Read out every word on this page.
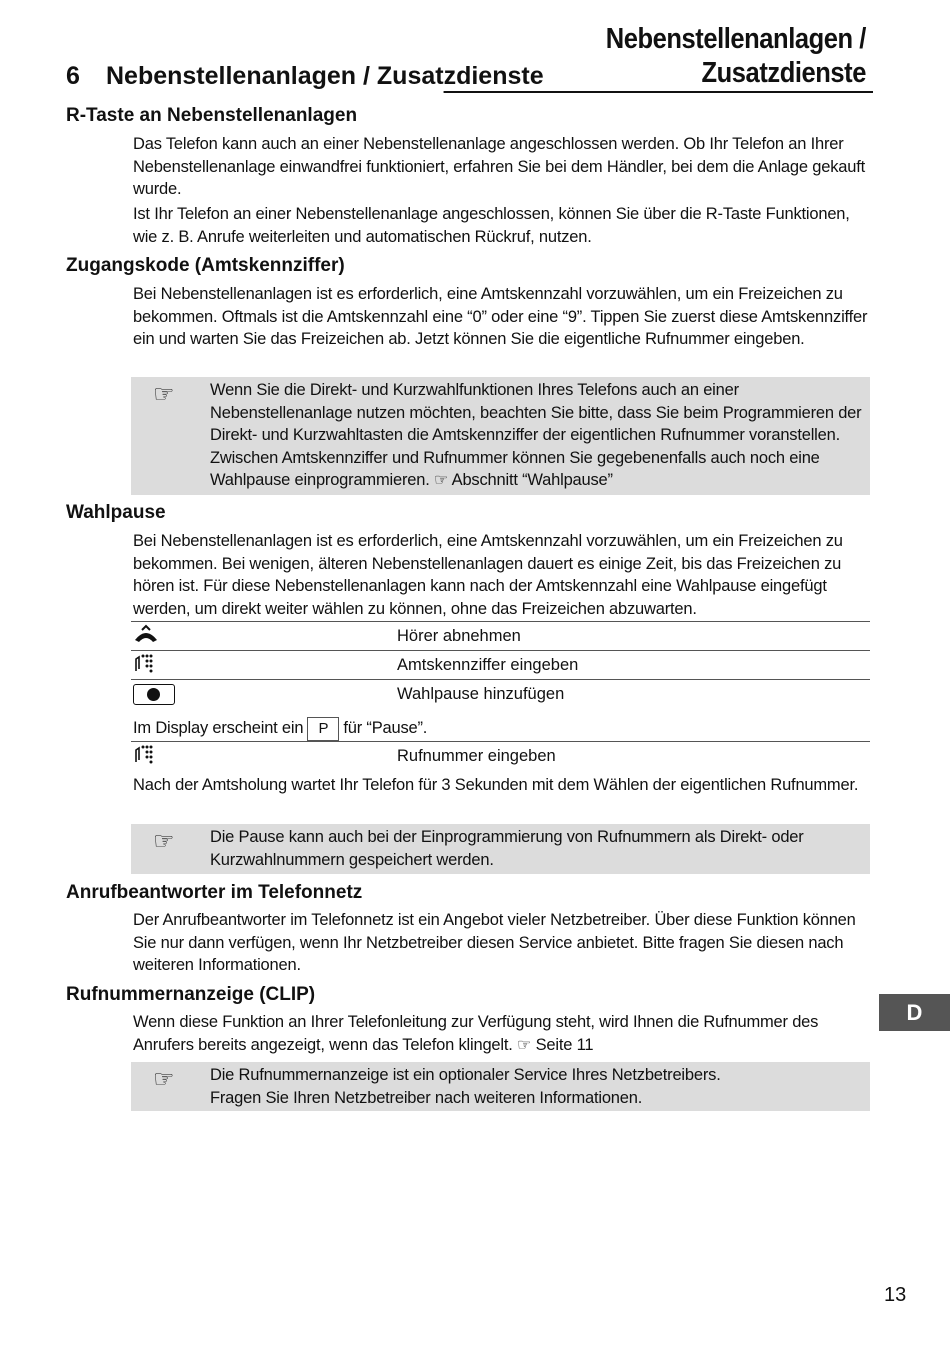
Nebenstellenanlagen / Zusatzdienste
6 Nebenstellenanlagen / Zusatzdienste
R-Taste an Nebenstellenanlagen
Das Telefon kann auch an einer Nebenstellenanlage angeschlossen werden. Ob Ihr Telefon an Ihrer Nebenstellenanlage einwandfrei funktioniert, erfahren Sie bei dem Händler, bei dem die Anlage gekauft wurde.
Ist Ihr Telefon an einer Nebenstellenanlage angeschlossen, können Sie über die R-Taste Funktionen, wie z. B. Anrufe weiterleiten und automatischen Rückruf, nutzen.
Zugangskode (Amtskennziffer)
Bei Nebenstellenanlagen ist es erforderlich, eine Amtskennzahl vorzuwählen, um ein Freizeichen zu bekommen. Oftmals ist die Amtskennzahl eine “0” oder eine “9”. Tippen Sie zuerst diese Amtskennziffer ein und warten Sie das Freizeichen ab. Jetzt können Sie die eigentliche Rufnummer eingeben.
☞ Wenn Sie die Direkt- und Kurzwahlfunktionen Ihres Telefons auch an einer Nebenstellenanlage nutzen möchten, beachten Sie bitte, dass Sie beim Programmieren der Direkt- und Kurzwahltasten die Amtskennziffer der eigentlichen Rufnummer voranstellen.
Zwischen Amtskennziffer und Rufnummer können Sie gegebenenfalls auch noch eine Wahlpause einprogrammieren. ☞ Abschnitt “Wahlpause”
Wahlpause
Bei Nebenstellenanlagen ist es erforderlich, eine Amtskennzahl vorzuwählen, um ein Freizeichen zu bekommen. Bei wenigen, älteren Nebenstellenanlagen dauert es einige Zeit, bis das Freizeichen zu hören ist. Für diese Nebenstellenanlagen kann nach der Amtskennzahl eine Wahlpause eingefügt werden, um direkt weiter wählen zu können, ohne das Freizeichen abzuwarten.
Hörer abnehmen
Amtskennziffer eingeben
Wahlpause hinzufügen
Im Display erscheint ein P für “Pause”.
Rufnummer eingeben
Nach der Amtsholung wartet Ihr Telefon für 3 Sekunden mit dem Wählen der eigentlichen Rufnummer.
☞ Die Pause kann auch bei der Einprogrammierung von Rufnummern als Direkt- oder Kurzwahlnummern gespeichert werden.
Anrufbeantworter im Telefonnetz
Der Anrufbeantworter im Telefonnetz ist ein Angebot vieler Netzbetreiber. Über diese Funktion können Sie nur dann verfügen, wenn Ihr Netzbetreiber diesen Service anbietet. Bitte fragen Sie diesen nach weiteren Informationen.
Rufnummernanzeige (CLIP)
Wenn diese Funktion an Ihrer Telefonleitung zur Verfügung steht, wird Ihnen die Rufnummer des Anrufers bereits angezeigt, wenn das Telefon klingelt. ☞ Seite 11
☞ Die Rufnummernanzeige ist ein optionaler Service Ihres Netzbetreibers.
Fragen Sie Ihren Netzbetreiber nach weiteren Informationen.
D
13
